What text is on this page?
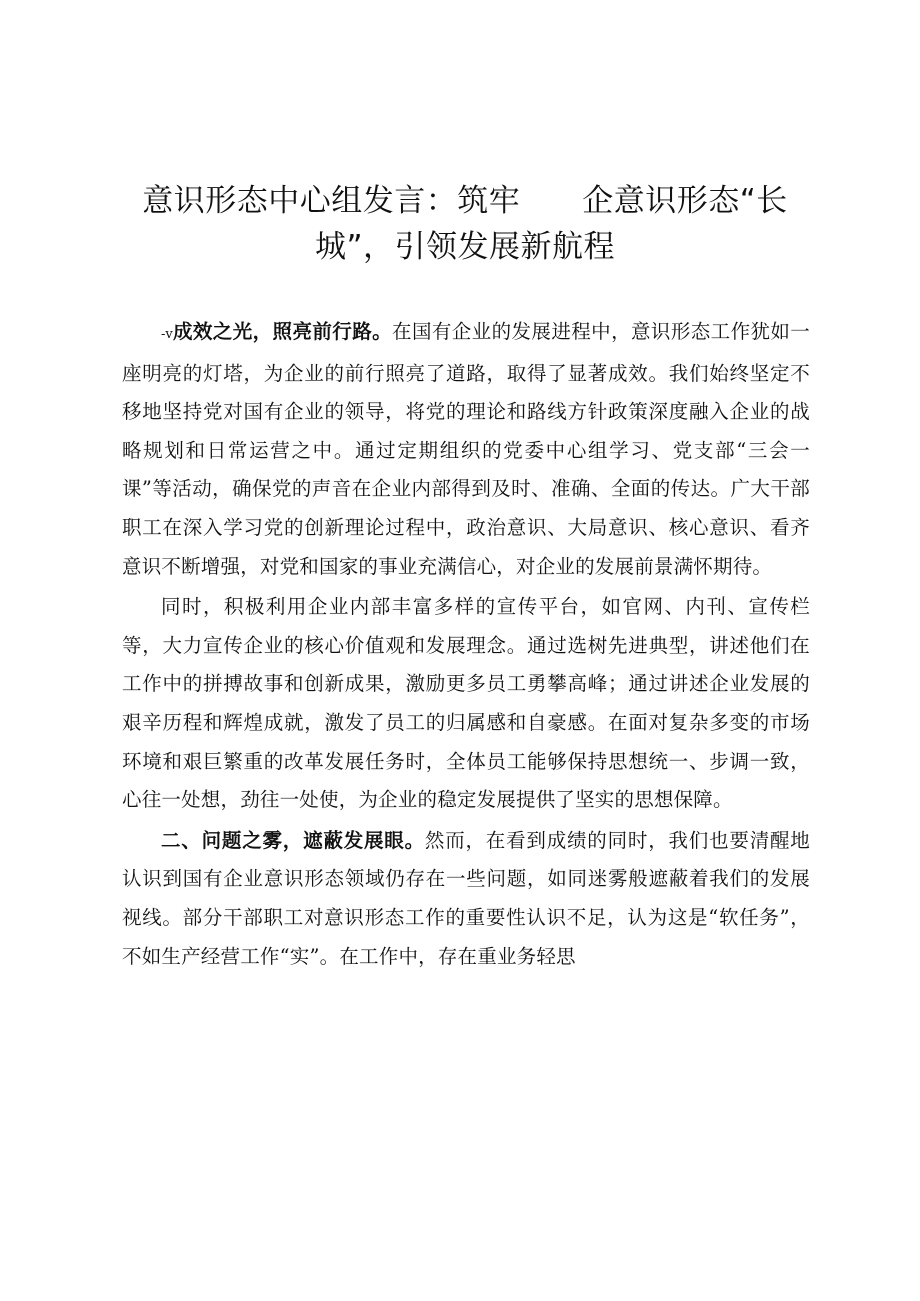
意识形态中心组发言：筑牢 企意识形态“长
城”，引领发展新航程

-v成效之光，照亮前行路。在国有企业的发展进程中，意识形态工作犹如一座明亮的灯塔，为企业的前行照亮了道路，取得了显著成效。我们始终坚定不移地坚持党对国有企业的领导，将党的理论和路线方针政策深度融入企业的战略规划和日常运营之中。通过定期组织的党委中心组学习、党支部“三会一课”等活动，确保党的声音在企业内部得到及时、准确、全面的传达。广大干部职工在深入学习党的创新理论过程中，政治意识、大局意识、核心意识、看齐意识不断增强，对党和国家的事业充满信心，对企业的发展前景满怀期待。

同时，积极利用企业内部丰富多样的宣传平台，如官网、内刊、宣传栏等，大力宣传企业的核心价值观和发展理念。通过选树先进典型，讲述他们在工作中的拼搏故事和创新成果，激励更多员工勇攀高峰；通过讲述企业发展的艰辛历程和辉煌成就，激发了员工的归属感和自豪感。在面对复杂多变的市场环境和艰巨繁重的改革发展任务时，全体员工能够保持思想统一、步调一致，心往一处想，劲往一处使，为企业的稳定发展提供了坚实的思想保障。

二、问题之雾，遮蔽发展眼。然而，在看到成绩的同时，我们也要清醒地认识到国有企业意识形态领域仍存在一些问题，如同迷雾般遮蔽着我们的发展视线。部分干部职工对意识形态工作的重要性认识不足，认为这是“软任务”，不如生产经营工作“实”。在工作中，存在重业务轻思
